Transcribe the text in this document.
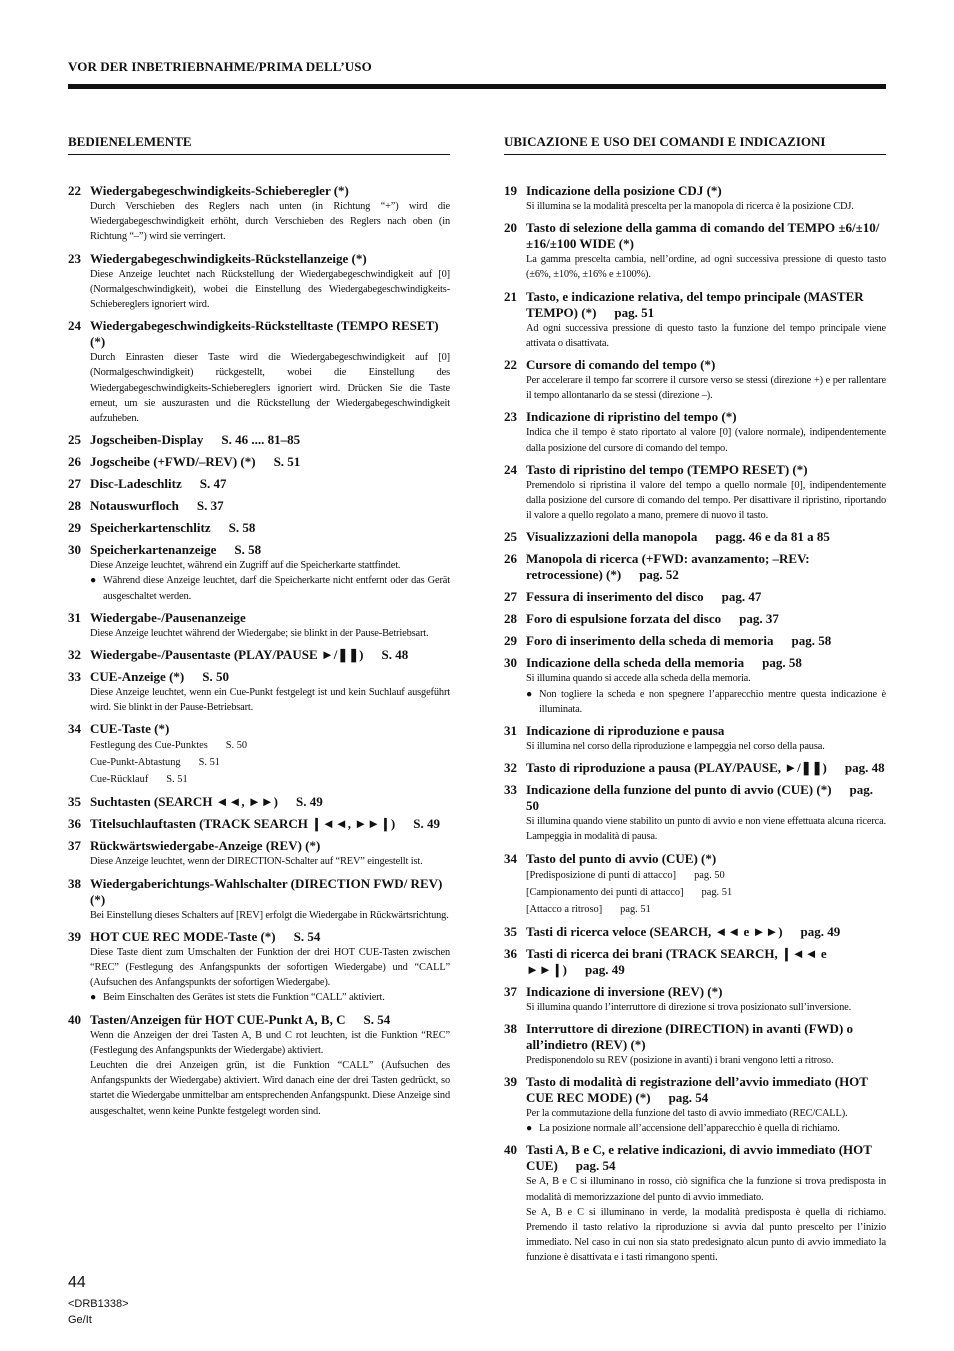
VOR DER INBETRIEBNAHME/PRIMA DELL’USO
BEDIENELEMENTE
22 Wiedergabegeschwindigkeits-Schieberegler (*)
Durch Verschieben des Reglers nach unten (in Richtung “+”) wird die Wiedergabegeschwindigkeit erhöht, durch Verschieben des Reglers nach oben (in Richtung “–”) wird sie verringert.
23 Wiedergabegeschwindigkeits-Rückstellanzeige (*)
Diese Anzeige leuchtet nach Rückstellung der Wiedergabegeschwindigkeit auf [0] (Normalgeschwindigkeit), wobei die Einstellung des Wiedergabegeschwindigkeits-Schiebereglers ignoriert wird.
24 Wiedergabegeschwindigkeits-Rückstelltaste (TEMPO RESET) (*)
Durch Einrasten dieser Taste wird die Wiedergabegeschwindigkeit auf [0] (Normalgeschwindigkeit) rückgestellt, wobei die Einstellung des Wiedergabegeschwindigkeits-Schiebereglers ignoriert wird. Drücken Sie die Taste erneut, um sie auszurasten und die Rückstellung der Wiedergabegeschwindigkeit aufzuheben.
25 Jogscheiben-Display S. 46 .... 81–85
26 Jogscheibe (+FWD/–REV) (*) S. 51
27 Disc-Ladeschlitz S. 47
28 Notauswurfloch S. 37
29 Speicherkartenschlitz S. 58
30 Speicherkartenanzeige S. 58
Diese Anzeige leuchtet, während ein Zugriff auf die Speicherkarte stattfindet.
● Während diese Anzeige leuchtet, darf die Speicherkarte nicht entfernt oder das Gerät ausgeschaltet werden.
31 Wiedergabe-/Pausenanzeige
Diese Anzeige leuchtet während der Wiedergabe; sie blinkt in der Pause-Betriebsart.
32 Wiedergabe-/Pausentaste (PLAY/PAUSE ►/❚❚) S. 48
33 CUE-Anzeige (*) S. 50
Diese Anzeige leuchtet, wenn ein Cue-Punkt festgelegt ist und kein Suchlauf ausgeführt wird. Sie blinkt in der Pause-Betriebsart.
34 CUE-Taste (*)
Festlegung des Cue-Punktes S. 50
Cue-Punkt-Abtastung S. 51
Cue-Rücklauf S. 51
35 Suchtasten (SEARCH ◄◄, ►►) S. 49
36 Titelsuchlauftasten (TRACK SEARCH ❙◄◄, ►►❙) S. 49
37 Rückwärtswiedergabe-Anzeige (REV) (*)
Diese Anzeige leuchtet, wenn der DIRECTION-Schalter auf “REV” eingestellt ist.
38 Wiedergaberichtungs-Wahlschalter (DIRECTION FWD/ REV) (*)
Bei Einstellung dieses Schalters auf [REV] erfolgt die Wiedergabe in Rückwärtsrichtung.
39 HOT CUE REC MODE-Taste (*) S. 54
Diese Taste dient zum Umschalten der Funktion der drei HOT CUE-Tasten zwischen “REC” (Festlegung des Anfangspunkts der sofortigen Wiedergabe) und “CALL” (Aufsuchen des Anfangspunkts der sofortigen Wiedergabe).
● Beim Einschalten des Gerätes ist stets die Funktion “CALL” aktiviert.
40 Tasten/Anzeigen für HOT CUE-Punkt A, B, C S. 54
Wenn die Anzeigen der drei Tasten A, B und C rot leuchten, ist die Funktion “REC” (Festlegung des Anfangspunkts der Wiedergabe) aktiviert.
Leuchten die drei Anzeigen grün, ist die Funktion “CALL” (Aufsuchen des Anfangspunkts der Wiedergabe) aktiviert. Wird danach eine der drei Tasten gedrückt, so startet die Wiedergabe unmittelbar am entsprechenden Anfangspunkt. Diese Anzeige sind ausgeschaltet, wenn keine Punkte festgelegt worden sind.
UBICAZIONE E USO DEI COMANDI E INDICAZIONI
19 Indicazione della posizione CDJ (*)
Si illumina se la modalità prescelta per la manopola di ricerca è la posizione CDJ.
20 Tasto di selezione della gamma di comando del TEMPO ±6/±10/±16/±100 WIDE (*)
La gamma prescelta cambia, nell’ordine, ad ogni successiva pressione di questo tasto (±6%, ±10%, ±16% e ±100%).
21 Tasto, e indicazione relativa, del tempo principale (MASTER TEMPO) (*) pag. 51
Ad ogni successiva pressione di questo tasto la funzione del tempo principale viene attivata o disattivata.
22 Cursore di comando del tempo (*)
Per accelerare il tempo far scorrere il cursore verso se stessi (direzione +) e per rallentare il tempo allontanarlo da se stessi (direzione –).
23 Indicazione di ripristino del tempo (*)
Indica che il tempo è stato riportato al valore [0] (valore normale), indipendentemente dalla posizione del cursore di comando del tempo.
24 Tasto di ripristino del tempo (TEMPO RESET) (*)
Premendolo si ripristina il valore del tempo a quello normale [0], indipendentemente dalla posizione del cursore di comando del tempo. Per disattivare il ripristino, riportando il valore a quello regolato a mano, premere di nuovo il tasto.
25 Visualizzazioni della manopola pagg. 46 e da 81 a 85
26 Manopola di ricerca (+FWD: avanzamento; –REV: retrocessione) (*) pag. 52
27 Fessura di inserimento del disco pag. 47
28 Foro di espulsione forzata del disco pag. 37
29 Foro di inserimento della scheda di memoria pag. 58
30 Indicazione della scheda della memoria pag. 58
Si illumina quando si accede alla scheda della memoria.
● Non togliere la scheda e non spegnere l’apparecchio mentre questa indicazione è illuminata.
31 Indicazione di riproduzione e pausa
Si illumina nel corso della riproduzione e lampeggia nel corso della pausa.
32 Tasto di riproduzione a pausa (PLAY/PAUSE, ►/❚❚) pag. 48
33 Indicazione della funzione del punto di avvio (CUE) (*) pag. 50
Si illumina quando viene stabilito un punto di avvio e non viene effettuata alcuna ricerca. Lampeggia in modalità di pausa.
34 Tasto del punto di avvio (CUE) (*)
[Predisposizione di punti di attacco] pag. 50
[Campionamento dei punti di attacco] pag. 51
[Attacco a ritroso] pag. 51
35 Tasti di ricerca veloce (SEARCH, ◄◄ e ►►) pag. 49
36 Tasti di ricerca dei brani (TRACK SEARCH, ❙◄◄ e ►►❙) pag. 49
37 Indicazione di inversione (REV) (*)
Si illumina quando l’interruttore di direzione si trova posizionato sull’inversione.
38 Interruttore di direzione (DIRECTION) in avanti (FWD) o all’indietro (REV) (*)
Predisponendolo su REV (posizione in avanti) i brani vengono letti a ritroso.
39 Tasto di modalità di registrazione dell’avvio immediato (HOT CUE REC MODE) (*) pag. 54
Per la commutazione della funzione del tasto di avvio immediato (REC/CALL).
● La posizione normale all’accensione dell’apparecchio è quella di richiamo.
40 Tasti A, B e C, e relative indicazioni, di avvio immediato (HOT CUE) pag. 54
Se A, B e C si illuminano in rosso, ciò significa che la funzione si trova predisposta in modalità di memorizzazione del punto di avvio immediato.
Se A, B e C si illuminano in verde, la modalità predisposta è quella di richiamo. Premendo il tasto relativo la riproduzione si avvia dal punto prescelto per l’inizio immediato. Nel caso in cui non sia stato predesignato alcun punto di avvio immediato la funzione è disattivata e i tasti rimangono spenti.
44
<DRB1338>
Ge/It
